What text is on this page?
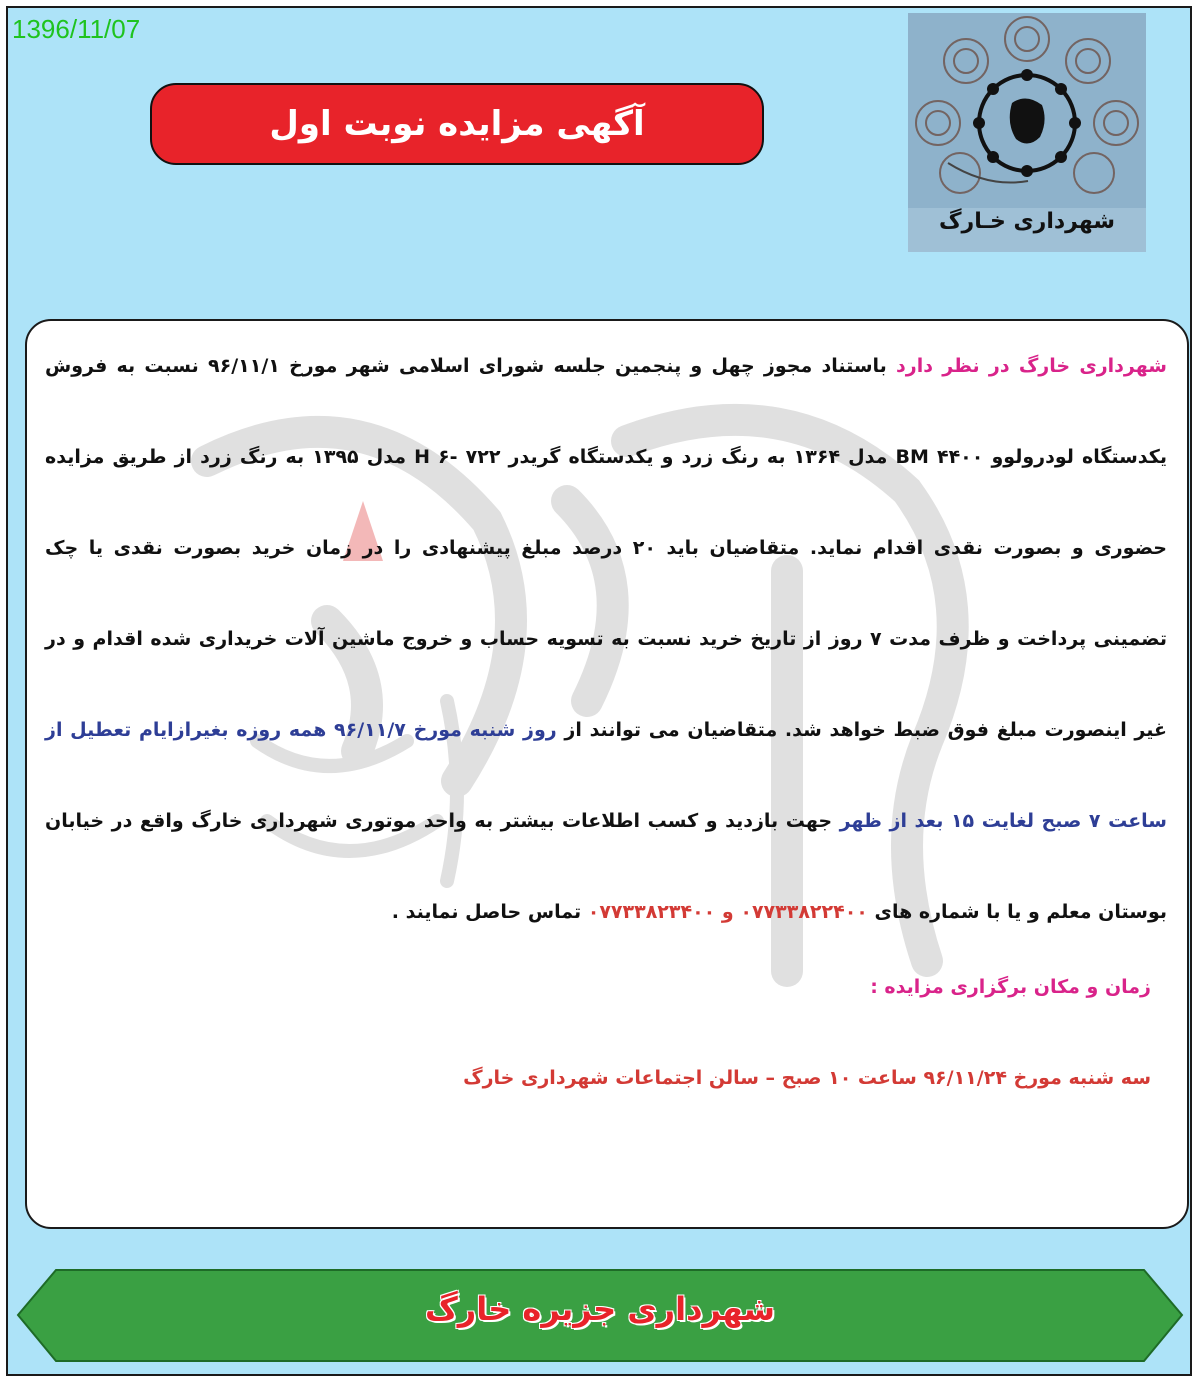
1396/11/07
آگهی مزایده نوبت اول
شهرداری خـارگ
شهرداری خارگ در نظر دارد باستناد مجوز چهل و پنجمین جلسه شورای اسلامی شهر مورخ ۹۶/۱۱/۱ نسبت به فروش یکدستگاه لودرولوو ۴۴۰۰ BM مدل ۱۳۶۴ به رنگ زرد و یکدستگاه گریدر H ۶- ۷۲۲ مدل ۱۳۹۵ به رنگ زرد از طریق مزایده حضوری و بصورت نقدی اقدام نماید. متقاضیان باید ۲۰ درصد مبلغ پیشنهادی را در زمان خرید بصورت نقدی یا چک تضمینی پرداخت و ظرف مدت ۷ روز از تاریخ خرید نسبت به تسویه حساب و خروج ماشین آلات خریداری شده اقدام و در غیر اینصورت مبلغ فوق ضبط خواهد شد. متقاضیان می توانند از روز شنبه مورخ ۹۶/۱۱/۷ همه روزه بغیرازایام تعطیل از ساعت ۷ صبح لغایت ۱۵ بعد از ظهر جهت بازدید و کسب اطلاعات بیشتر به واحد موتوری شهرداری خارگ واقع در خیابان بوستان معلم و یا با شماره های ۰۷۷۳۳۸۲۲۴۰۰ و ۰۷۷۳۳۸۲۳۴۰۰ تماس حاصل نمایند .
زمان و مکان برگزاری مزایده :
سه شنبه مورخ ۹۶/۱۱/۲۴ ساعت ۱۰ صبح – سالن اجتماعات شهرداری خارگ
شهرداری جزیره خارگ
